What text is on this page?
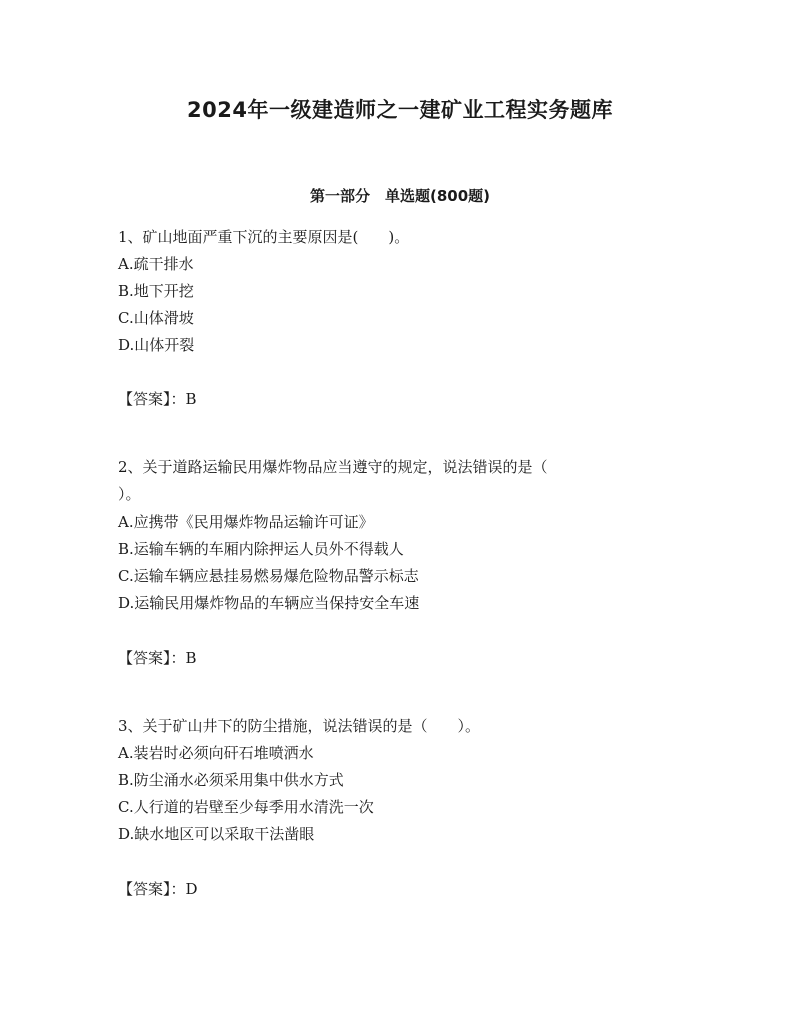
2024年一级建造师之一建矿业工程实务题库
第一部分　单选题(800题)
1、矿山地面严重下沉的主要原因是(　　)。
A.疏干排水
B.地下开挖
C.山体滑坡
D.山体开裂
【答案】：B
2、关于道路运输民用爆炸物品应当遵守的规定，说法错误的是（
）。
A.应携带《民用爆炸物品运输许可证》
B.运输车辆的车厢内除押运人员外不得载人
C.运输车辆应悬挂易燃易爆危险物品警示标志
D.运输民用爆炸物品的车辆应当保持安全车速
【答案】：B
3、关于矿山井下的防尘措施，说法错误的是（　　）。
A.装岩时必须向矸石堆喷洒水
B.防尘涌水必须采用集中供水方式
C.人行道的岩壁至少每季用水清洗一次
D.缺水地区可以采取干法凿眼
【答案】：D
